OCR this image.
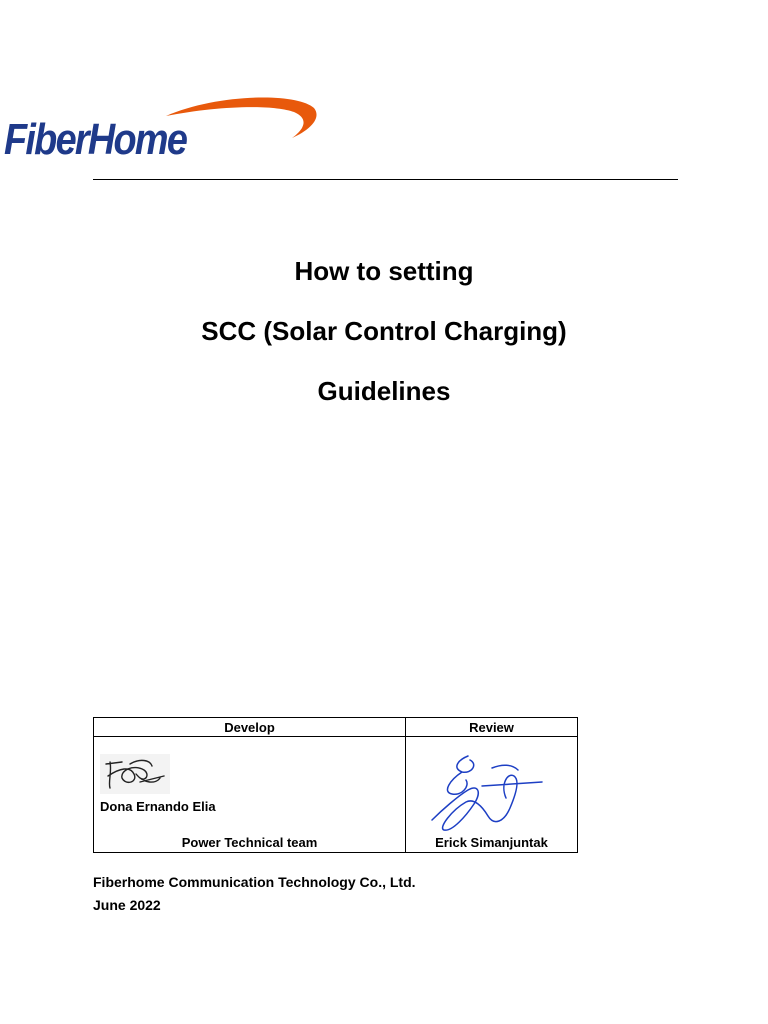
FiberHome
How to setting
SCC (Solar Control Charging)
Guidelines
Develop	Review
Dona Ernando Elia
Power Technical team	Erick Simanjuntak
Fiberhome Communication Technology Co., Ltd.
June 2022
